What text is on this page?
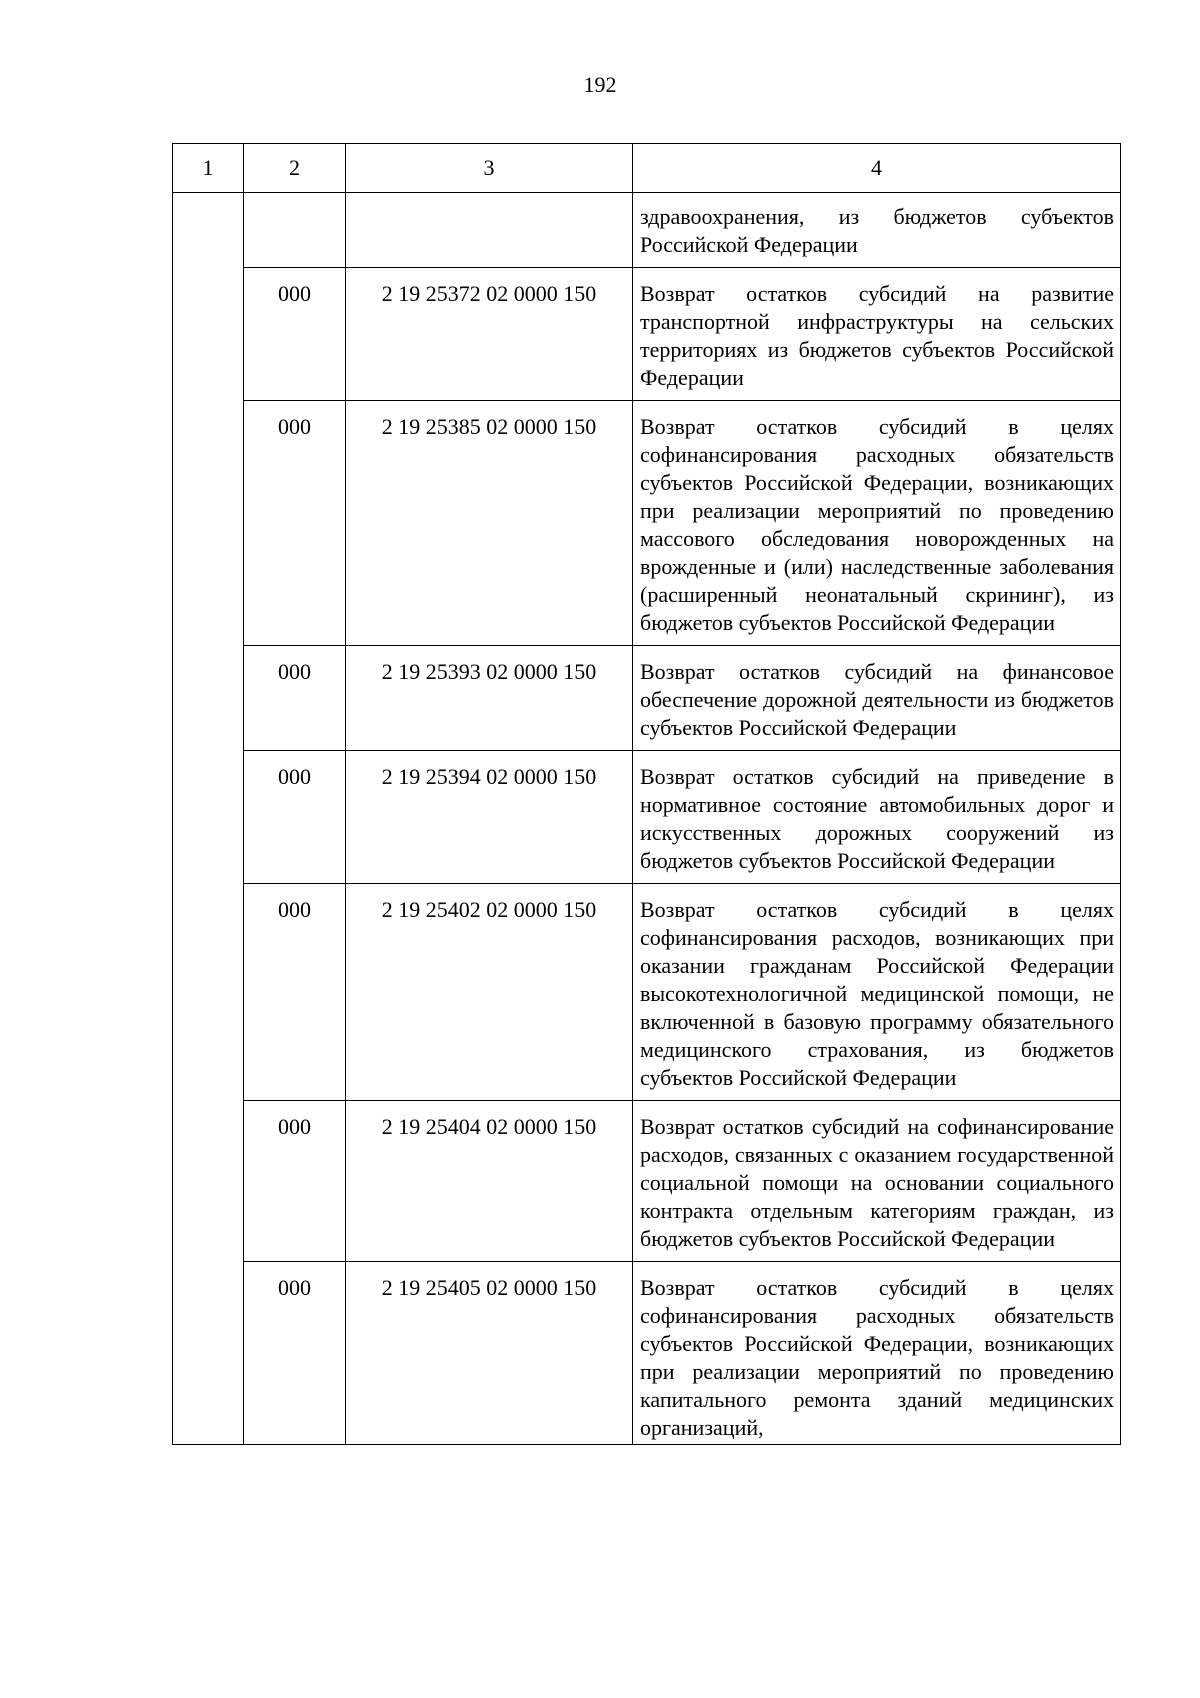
192
1	2	3	4
			здравоохранения, из бюджетов субъектов Российской Федерации
	000	2 19 25372 02 0000 150	Возврат остатков субсидий на развитие транспортной инфраструктуры на сельских территориях из бюджетов субъектов Российской Федерации
	000	2 19 25385 02 0000 150	Возврат остатков субсидий в целях софинансирования расходных обязательств субъектов Российской Федерации, возникающих при реализации мероприятий по проведению массового обследования новорожденных на врожденные и (или) наследственные заболевания (расширенный неонатальный скрининг), из бюджетов субъектов Российской Федерации
	000	2 19 25393 02 0000 150	Возврат остатков субсидий на финансовое обеспечение дорожной деятельности из бюджетов субъектов Российской Федерации
	000	2 19 25394 02 0000 150	Возврат остатков субсидий на приведение в нормативное состояние автомобильных дорог и искусственных дорожных сооружений из бюджетов субъектов Российской Федерации
	000	2 19 25402 02 0000 150	Возврат остатков субсидий в целях софинансирования расходов, возникающих при оказании гражданам Российской Федерации высокотехнологичной медицинской помощи, не включенной в базовую программу обязательного медицинского страхования, из бюджетов субъектов Российской Федерации
	000	2 19 25404 02 0000 150	Возврат остатков субсидий на софинансирование расходов, связанных с оказанием государственной социальной помощи на основании социального контракта отдельным категориям граждан, из бюджетов субъектов Российской Федерации
	000	2 19 25405 02 0000 150	Возврат остатков субсидий в целях софинансирования расходных обязательств субъектов Российской Федерации, возникающих при реализации мероприятий по проведению капитального ремонта зданий медицинских организаций,
